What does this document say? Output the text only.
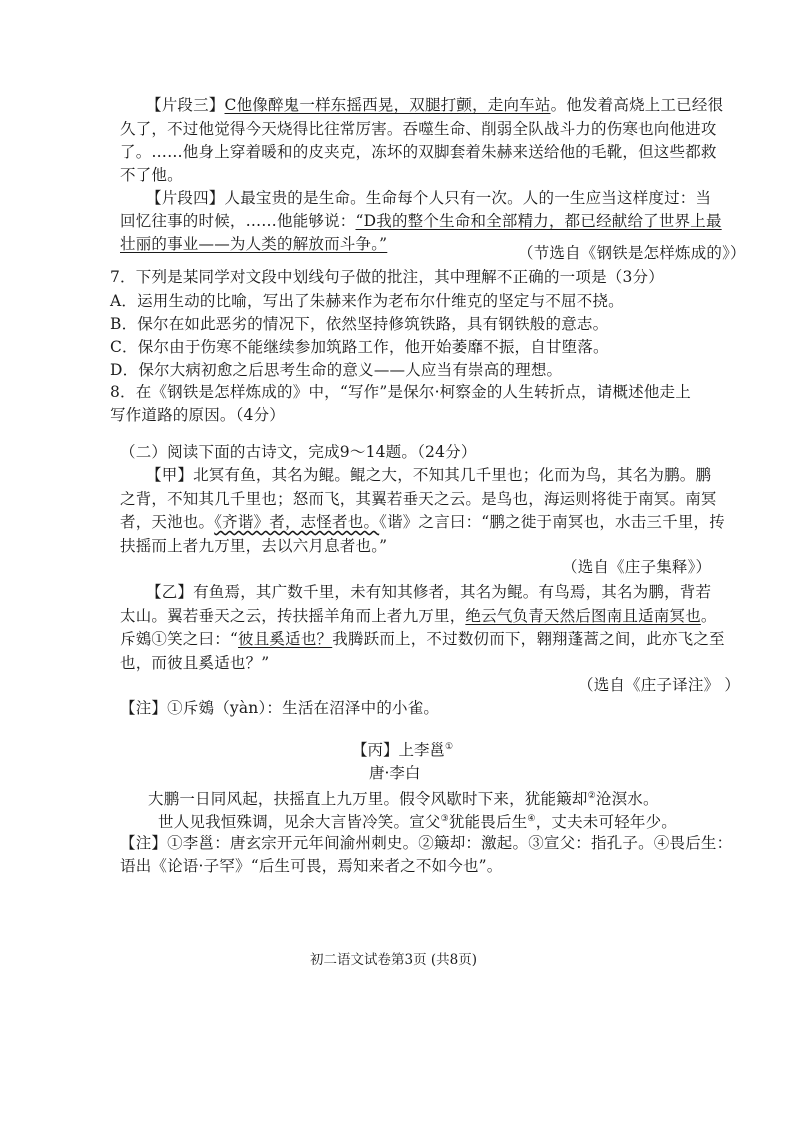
【片段三】C他像醉鬼一样东摇西晃，双腿打颤，走向车站。他发着高烧上工已经很

久了，不过他觉得今天烧得比往常厉害。吞噬生命、削弱全队战斗力的伤寒也向他进攻

了。……他身上穿着暖和的皮夹克，冻坏的双脚套着朱赫来送给他的毛靴，但这些都救

不了他。

【片段四】人最宝贵的是生命。生命每个人只有一次。人的一生应当这样度过：当

回忆往事的时候，……他能够说：“D我的整个生命和全部精力，都已经献给了世界上最

壮丽的事业——为人类的解放而斗争。”	（节选自《钢铁是怎样炼成的》）

7．下列是某同学对文段中划线句子做的批注，其中理解不正确的一项是（3分）

A．运用生动的比喻，写出了朱赫来作为老布尔什维克的坚定与不屈不挠。

B．保尔在如此恶劣的情况下，依然坚持修筑铁路，具有钢铁般的意志。

C．保尔由于伤寒不能继续参加筑路工作，他开始萎靡不振，自甘堕落。

D．保尔大病初愈之后思考生命的意义——人应当有崇高的理想。

8．在《钢铁是怎样炼成的》中，“写作”是保尔·柯察金的人生转折点，请概述他走上

写作道路的原因。（4分）

（二）阅读下面的古诗文，完成9～14题。（24分）

【甲】北冥有鱼，其名为鲲。鲲之大，不知其几千里也；化而为鸟，其名为鹏。鹏

之背，不知其几千里也；怒而飞，其翼若垂天之云。是鸟也，海运则将徙于南冥。南冥

者，天池也。《齐谐》者，志怪者也。《谐》之言曰：“鹏之徙于南冥也，水击三千里，抟

扶摇而上者九万里，去以六月息者也。”

（选自《庄子集释》）

【乙】有鱼焉，其广数千里，未有知其修者，其名为鲲。有鸟焉，其名为鹏，背若

太山。翼若垂天之云，抟扶摇羊角而上者九万里，绝云气负青天然后图南且适南冥也。

斥鴳①笑之曰：“彼且奚适也？我腾跃而上，不过数仞而下，翱翔蓬蒿之间，此亦飞之至

也，而彼且奚适也？”

（选自《庄子译注》 ）

【注】①斥鴳（yàn）：生活在沼泽中的小雀。

【丙】上李邕①

唐·李白

大鹏一日同风起，扶摇直上九万里。假令风歇时下来，犹能簸却②沧溟水。

世人见我恒殊调，见余大言皆冷笑。宣父③犹能畏后生④，丈夫未可轻年少。

【注】①李邕：唐玄宗开元年间渝州刺史。②簸却：激起。③宣父：指孔子。④畏后生：

语出《论语·子罕》“后生可畏，焉知来者之不如今也”。

初二语文试卷第3页 (共8页)
